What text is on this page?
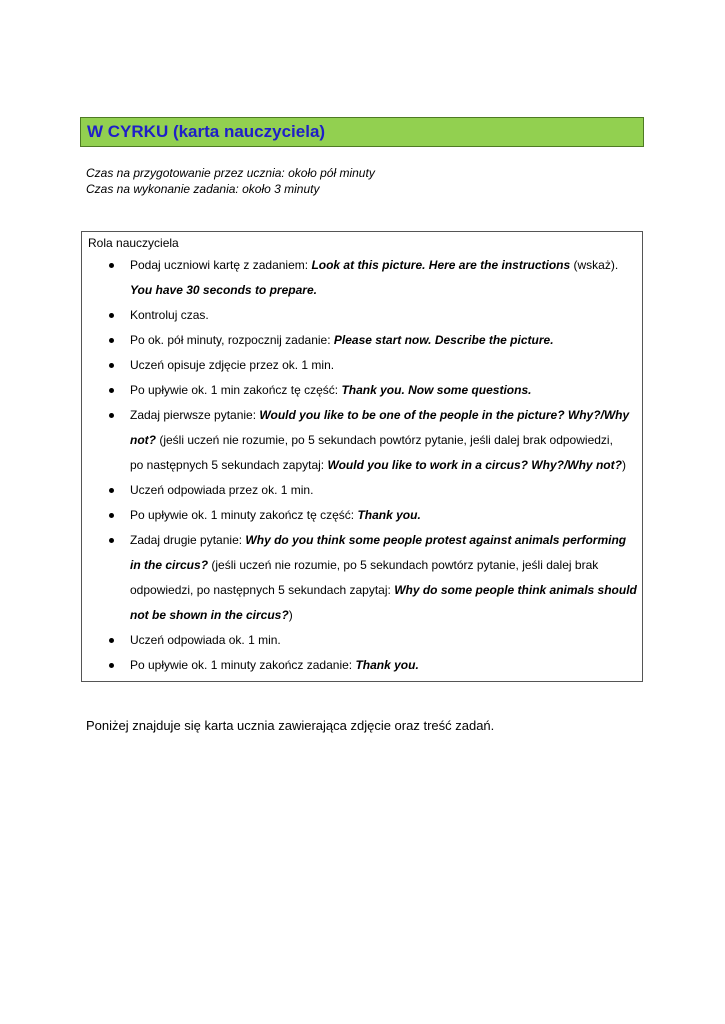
W CYRKU (karta nauczyciela)
Czas na przygotowanie przez ucznia: około pół minuty
Czas na wykonanie zadania: około 3 minuty
Rola nauczyciela
Podaj uczniowi kartę z zadaniem: Look at this picture. Here are the instructions (wskaż).
You have 30 seconds to prepare.
Kontroluj czas.
Po ok. pół minuty, rozpocznij zadanie: Please start now. Describe the picture.
Uczeń opisuje zdjęcie przez ok. 1 min.
Po upływie ok. 1 min zakończ tę część: Thank you. Now some questions.
Zadaj pierwsze pytanie: Would you like to be one of the people in the picture? Why?/Why
not? (jeśli uczeń nie rozumie, po 5 sekundach powtórz pytanie, jeśli dalej brak odpowiedzi,
po następnych 5 sekundach zapytaj: Would you like to work in a circus? Why?/Why not?)
Uczeń odpowiada przez ok. 1 min.
Po upływie ok. 1 minuty zakończ tę część: Thank you.
Zadaj drugie pytanie: Why do you think some people protest against animals performing
in the circus? (jeśli uczeń nie rozumie, po 5 sekundach powtórz pytanie, jeśli dalej brak
odpowiedzi, po następnych 5 sekundach zapytaj: Why do some people think animals should
not be shown in the circus?)
Uczeń odpowiada ok. 1 min.
Po upływie ok. 1 minuty zakończ zadanie: Thank you.
Poniżej znajduje się karta ucznia zawierająca zdjęcie oraz treść zadań.
